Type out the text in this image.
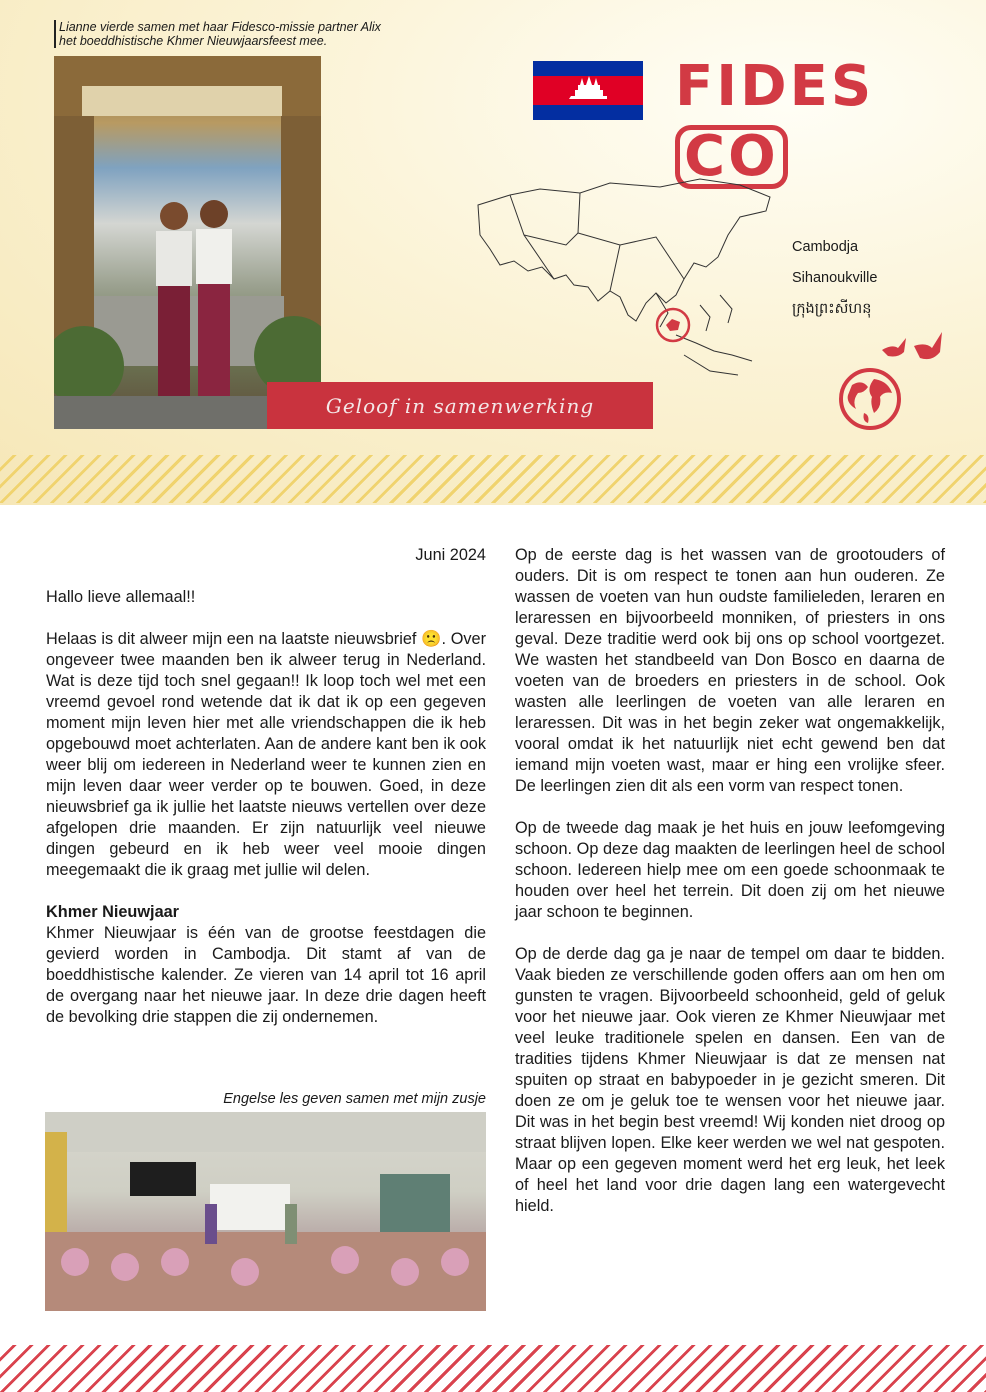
Lianne vierde samen met haar Fidesco-missie partner Alix het boeddhistische Khmer Nieuwjaarsfeest mee.
Geloof in samenwerking
FIDESCO
Cambodja
Sihanoukville
ក្រុងព្រះសីហនុ
Juni 2024

Hallo lieve allemaal!!

Helaas is dit alweer mijn een na laatste nieuwsbrief 🙁. Over ongeveer twee maanden ben ik alweer terug in Nederland. Wat is deze tijd toch snel gegaan!! Ik loop toch wel met een vreemd gevoel rond wetende dat ik dat ik op een gegeven moment mijn leven hier met alle vriendschappen die ik heb opgebouwd moet achterlaten. Aan de andere kant ben ik ook weer blij om iedereen in Nederland weer te kunnen zien en mijn leven daar weer verder op te bouwen. Goed, in deze nieuwsbrief ga ik jullie het laatste nieuws vertellen over deze afgelopen drie maanden. Er zijn natuurlijk veel nieuwe dingen gebeurd en ik heb weer veel mooie dingen meegemaakt die ik graag met jullie wil delen.

Khmer Nieuwjaar

Khmer Nieuwjaar is één van de grootse feestdagen die gevierd worden in Cambodja. Dit stamt af van de boeddhistische kalender. Ze vieren van 14 april tot 16 april de overgang naar het nieuwe jaar. In deze drie dagen heeft de bevolking drie stappen die zij ondernemen.

Engelse les geven samen met mijn zusje

Op de eerste dag is het wassen van de grootouders of ouders. Dit is om respect te tonen aan hun ouderen. Ze wassen de voeten van hun oudste familieleden, leraren en leraressen en bijvoorbeeld monniken, of priesters in ons geval. Deze traditie werd ook bij ons op school voortgezet. We wasten het standbeeld van Don Bosco en daarna de voeten van de broeders en priesters in de school. Ook wasten alle leerlingen de voeten van alle leraren en leraressen. Dit was in het begin zeker wat ongemakkelijk, vooral omdat ik het natuurlijk niet echt gewend ben dat iemand mijn voeten wast, maar er hing een vrolijke sfeer. De leerlingen zien dit als een vorm van respect tonen.

Op de tweede dag maak je het huis en jouw leefomgeving schoon. Op deze dag maakten de leerlingen heel de school schoon. Iedereen hielp mee om een goede schoonmaak te houden over heel het terrein. Dit doen zij om het nieuwe jaar schoon te beginnen.

Op de derde dag ga je naar de tempel om daar te bidden. Vaak bieden ze verschillende goden offers aan om hen om gunsten te vragen. Bijvoorbeeld schoonheid, geld of geluk voor het nieuwe jaar. Ook vieren ze Khmer Nieuwjaar met veel leuke traditionele spelen en dansen. Een van de tradities tijdens Khmer Nieuwjaar is dat ze mensen nat spuiten op straat en babypoeder in je gezicht smeren. Dit doen ze om je geluk toe te wensen voor het nieuwe jaar. Dit was in het begin best vreemd! Wij konden niet droog op straat blijven lopen. Elke keer werden we wel nat gespoten. Maar op een gegeven moment werd het erg leuk, het leek of heel het land voor drie dagen lang een watergevecht hield.
